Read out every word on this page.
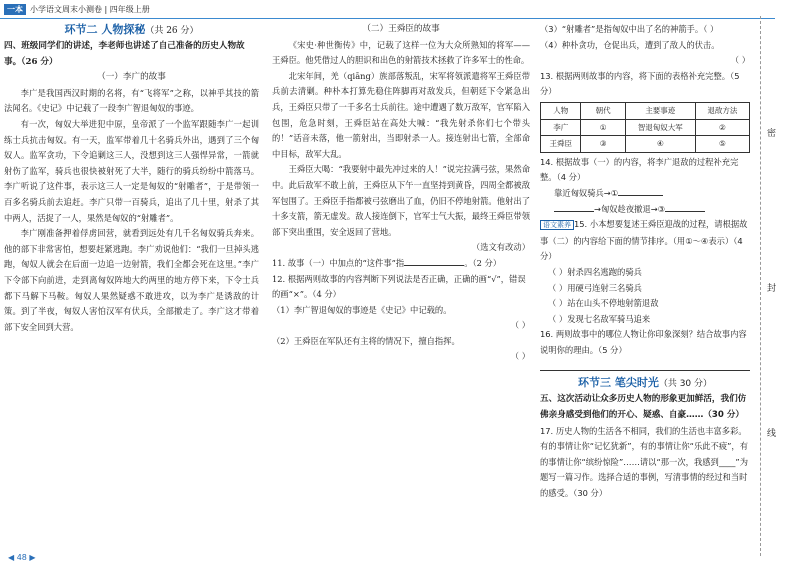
一本 小学语文周末小测卷 | 四年级上册
环节二 人物探秘（共 26 分）
四、班级同学们的讲述，李老师也讲述了自己准备的历史人物故事。（26 分）
（一）李广的故事

李广是我国西汉时期的名将，有“飞将军”之称，以神乎其技的箭法闻名。《史记》中记载了一段李广智退匈奴的事迹。

有一次，匈奴大举进犯中原，皇帝派了一个监军跟随李广一起训练士兵抗击匈奴。有一天，监军带着几十名骑兵外出，遇到了三个匈奴人。监军贪功，下令追剿这三人，没想到这三人强悍异常，一箭就射伤了监军，骑兵也很快被射死了大半，随行的骑兵纷纷中箭落马。李广听说了这件事，表示这三人一定是匈奴的“射雕者”，于是带领一百多名骑兵前去追赶。李广只带一百骑兵，追出了几十里，射杀了其中两人，活捉了一人，果然是匈奴的“射雕者”。

李广刚准备押着俘虏回营，就看到远处有几千名匈奴骑兵奔来。他的部下非常害怕，想要赶紧逃跑。李广劝说他们：“我们一旦掉头逃跑，匈奴人就会在后面一边追一边射箭，我们全都会死在这里。”李广下令部下向前进，走到离匈奴阵地大约两里的地方停下来，下令士兵都下马解下马鞍。匈奴人果然疑惑不敢进攻，以为李广是诱敌的计策。到了半夜，匈奴人害怕汉军有伏兵，全部撤走了。李广这才带着部下安全回到大营。

（二）王舜臣的故事

《宋史·种世衡传》中，记载了这样一位为大众所熟知的将军——王舜臣。他凭借过人的胆识和出色的射箭技术拯救了许多军士的性命。

北宋年间，羌（qiāng）族部落叛乱，宋军将领派遣将军王舜臣带兵前去清剿。种朴本打算先稳住阵脚再对敌发兵，但朝廷下令紧急出兵，王舜臣只带了一千多名士兵前往。途中遭遇了数万敌军，官军陷入包围，危急时刻，王舜臣站在高处大喊：“我先射杀你们七个带头的！”话音未落，他一箭射出，当即射杀一人。接连射出七箭，全部命中目标，敌军大乱。

王舜臣大喝：“我要射中最先冲过来的人！”说完拉满弓弦，果然命中。此后敌军不敢上前，王舜臣从下午一直坚持到黄昏，四周全都被敌军包围了。王舜臣手指都被弓弦磨出了血，仍旧不停地射箭。他射出了十多支箭，箭无虚发。敌人接连倒下，官军士气大振，最终王舜臣带领部下突出重围，安全返回了营地。

（选文有改动）
11. 故事（一）中加点的“这件事”指	。（2 分）
12. 根据两则故事的内容判断下列说法是否正确，正确的画“√”，错误的画“×”。（4 分）
（1）李广智退匈奴的事迹是《史记》中记载的。
（ ）
（2）王舜臣在军队还有主将的情况下，擅自指挥。
（ ）
（3）“射雕者”是指匈奴中出了名的神箭手。（ ）
（4）种朴贪功，仓促出兵，遭到了敌人的伏击。
（ ）
13. 根据两则故事的内容，将下面的表格补充完整。（5 分）
人物	朝代	主要事迹	退敌方法
李广	①	智退匈奴大军	②
王舜臣	③	④	⑤
14. 根据故事（一）的内容，将李广退敌的过程补充完整。（4 分）
靠近匈奴骑兵→①
→匈奴趁夜撤退→③
语文素养 15. 小本想要复述王舜臣迎战的过程，请根据故事（二）的内容给下面的情节排序。（用①～④表示）（4 分）
（ ）射杀四名逃跑的骑兵
（ ）用硬弓连射三名骑兵
（ ）站在山头不停地射箭退敌
（ ）发现七名敌军骑马追来
16. 两则故事中的哪位人物让你印象深刻？结合故事内容说明你的理由。（5 分）
环节三 笔尖时光（共 30 分）
五、这次活动让众多历史人物的形象更加鲜活，我们仿佛亲身感受到他们的开心、疑惑、自豪……（30 分）
17. 历史人物的生活各不相同，我们的生活也丰富多彩。有的事情让你“记忆犹新”，有的事情让你“乐此不疲”，有的事情让你“缤纷惊险”……请以“那一次，我感到____”为题写一篇习作。选择合适的事例，写清事情的经过和当时的感受。（30 分）
密
封
线
◀ 48 ▶
